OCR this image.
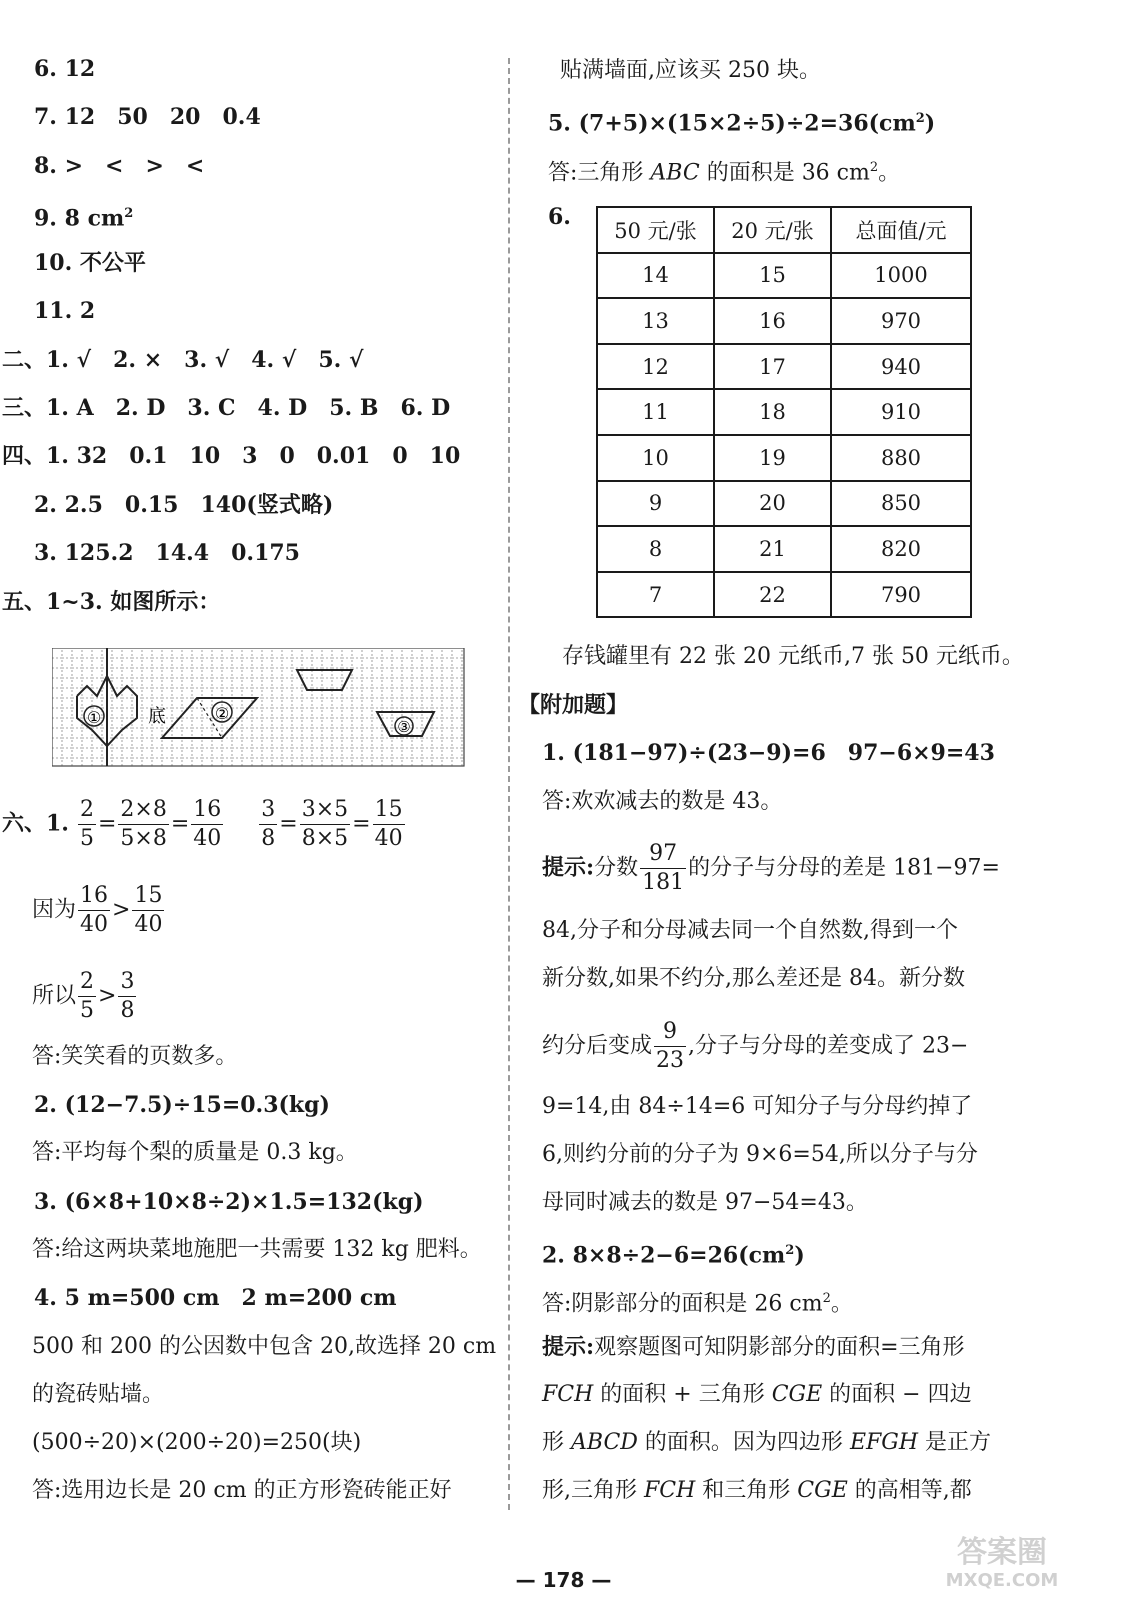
6. 12
7. 12　50　20　0.4
8. >　<　>　<
9. 8 $cm^2$
10. 不公平
11. 2
二、1. √　2. ×　3. √　4. √　5. √
三、1. A　2. D　3. C　4. D　5. B　6. D
四、1. 32　0.1　10　3　0　0.01　0　10
2. 2.5　0.15　140(竖式略)
3. 125.2　14.4　0.175
五、1~3. 如图所示：
六、1. $\frac{2}{5} = \frac{2\times 8}{5\times 8} = \frac{16}{40}$
$\frac{3}{8} = \frac{3\times 5}{8\times 5} = \frac{15}{40}$
因为 $\frac{16}{40} > \frac{15}{40}$
所以 $\frac{2}{5} > \frac{3}{8}$
答:笑笑看的页数多。
2. (12−7.5)÷15=0.3(kg)
答:平均每个梨的质量是 0.3 kg。
3. (6×8+10×8÷2)×1.5=132(kg)
答:给这两块菜地施肥一共需要 132 kg 肥料。
4. 5 m=500 cm　2 m=200 cm
500 和 200 的公因数中包含 20,故选择 20 cm
的瓷砖贴墙。
(500÷20)×(200÷20)=250(块)
答:选用边长是 20 cm 的正方形瓷砖能正好
①	底	②
③
贴满墙面,应该买 250 块。
5. $(7+5)\times(15\times 2\div 5)\div 2=36(cm^2)$
答:三角形 ABC 的面积是 36 $cm^2$。
6.
50 元/张	20 元/张	总面值/元
14	15	1000
13	16	970
12	17	940
11	18	910
10	19	880
9	20	850
8	21	820
7	22	790
存钱罐里有 22 张 20 元纸币,7 张 50 元纸币。
【附加题】
1. (181−97)÷(23−9)=6　97−6×9=43
答:欢欢减去的数是 43。
提示:分数 $\frac{97}{181}$ 的分子与分母的差是 181−97=
84,分子和分母减去同一个自然数,得到一个
新分数,如果不约分,那么差还是 84。新分数
约分后变成 $\frac{9}{23}$ ,分子与分母的差变成了 23−
9=14,由 84÷14=6 可知分子与分母约掉了
6,则约分前的分子为 9×6=54,所以分子与分
母同时减去的数是 97−54=43。
2. $8\times 8\div 2-6=26(cm^2)$
答:阴影部分的面积是 26 $cm^2$。
提示:观察题图可知阴影部分的面积=三角形
FCH 的面积 + 三角形 CGE 的面积 − 四边
形 ABCD 的面积。因为四边形 EFGH 是正方
形,三角形 FCH 和三角形 CGE 的高相等,都
— 178 —
答案圈
MXQE.COM
